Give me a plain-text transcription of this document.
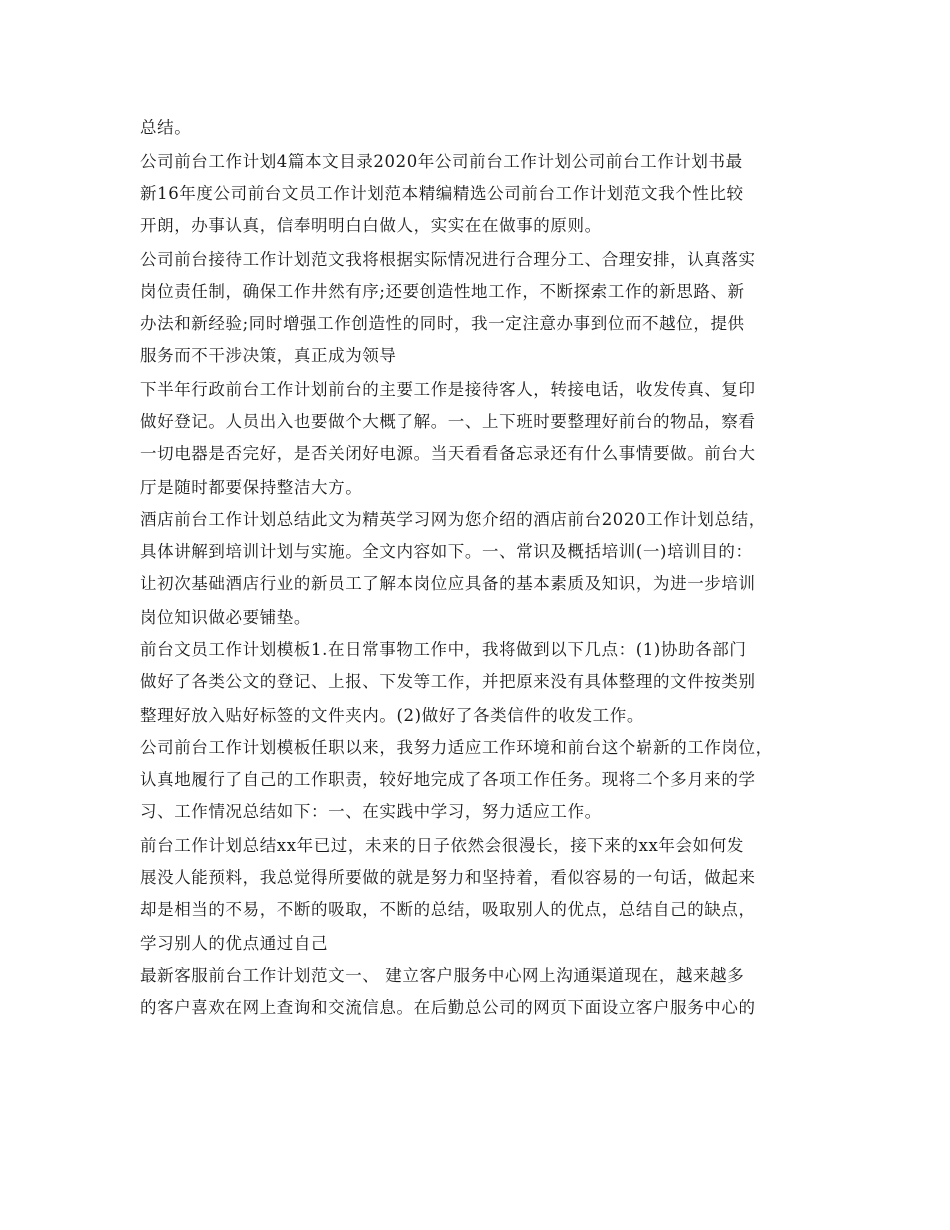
总结。
公司前台工作计划4篇本文目录2020年公司前台工作计划公司前台工作计划书最
新16年度公司前台文员工作计划范本精编精选公司前台工作计划范文我个性比较
开朗，办事认真，信奉明明白白做人，实实在在做事的原则。
公司前台接待工作计划范文我将根据实际情况进行合理分工、合理安排，认真落实
岗位责任制，确保工作井然有序;还要创造性地工作，不断探索工作的新思路、新
办法和新经验;同时增强工作创造性的同时，我一定注意办事到位而不越位，提供
服务而不干涉决策，真正成为领导
下半年行政前台工作计划前台的主要工作是接待客人，转接电话，收发传真、复印
做好登记。人员出入也要做个大概了解。一、上下班时要整理好前台的物品，察看
一切电器是否完好，是否关闭好电源。当天看看备忘录还有什么事情要做。前台大
厅是随时都要保持整洁大方。
酒店前台工作计划总结此文为精英学习网为您介绍的酒店前台2020工作计划总结，
具体讲解到培训计划与实施。全文内容如下。一、常识及概括培训(一)培训目的：
让初次基础酒店行业的新员工了解本岗位应具备的基本素质及知识，为进一步培训
岗位知识做必要铺垫。
前台文员工作计划模板1.在日常事物工作中，我将做到以下几点：(1)协助各部门
做好了各类公文的登记、上报、下发等工作，并把原来没有具体整理的文件按类别
整理好放入贴好标签的文件夹内。(2)做好了各类信件的收发工作。
公司前台工作计划模板任职以来，我努力适应工作环境和前台这个崭新的工作岗位，
认真地履行了自己的工作职责，较好地完成了各项工作任务。现将二个多月来的学
习、工作情况总结如下：一、在实践中学习，努力适应工作。
前台工作计划总结xx年已过，未来的日子依然会很漫长，接下来的xx年会如何发
展没人能预料，我总觉得所要做的就是努力和坚持着，看似容易的一句话，做起来
却是相当的不易，不断的吸取，不断的总结，吸取别人的优点，总结自己的缺点，
学习别人的优点通过自己
最新客服前台工作计划范文一、 建立客户服务中心网上沟通渠道现在，越来越多
的客户喜欢在网上查询和交流信息。在后勤总公司的网页下面设立客户服务中心的
